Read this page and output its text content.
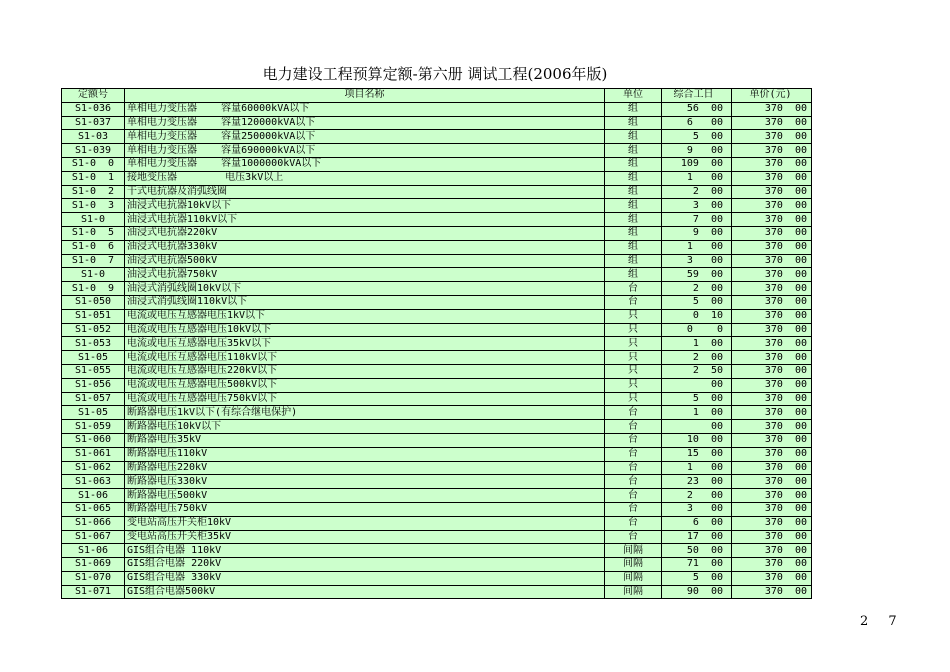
电力建设工程预算定额-第六册 调试工程(2006年版)
定额号	项目名称	单位	综合工日	单价(元)
S1-036	单相电力变压器    容量60000kVA以下	组	56  00	370  00
S1-037	单相电力变压器    容量120000kVA以下	组	6   00	370  00
S1-03	单相电力变压器    容量250000kVA以下	组	5  00	370  00
S1-039	单相电力变压器    容量690000kVA以下	组	9   00	370  00
S1-0  0	单相电力变压器    容量1000000kVA以下	组	109  00	370  00
S1-0  1	接地变压器        电压3kV以上	组	1   00	370  00
S1-0  2	干式电抗器及消弧线圈	组	2  00	370  00
S1-0  3	油浸式电抗器10kV以下	组	3  00	370  00
S1-0	油浸式电抗器110kV以下	组	7  00	370  00
S1-0  5	油浸式电抗器220kV	组	9  00	370  00
S1-0  6	油浸式电抗器330kV	组	1   00	370  00
S1-0  7	油浸式电抗器500kV	组	3   00	370  00
S1-0	油浸式电抗器750kV	组	59  00	370  00
S1-0  9	油浸式消弧线圈10kV以下	台	2  00	370  00
S1-050	油浸式消弧线圈110kV以下	台	5  00	370  00
S1-051	电流或电压互感器电压1kV以下	只	0  10	370  00
S1-052	电流或电压互感器电压10kV以下	只	0    0	370  00
S1-053	电流或电压互感器电压35kV以下	只	1  00	370  00
S1-05	电流或电压互感器电压110kV以下	只	2  00	370  00
S1-055	电流或电压互感器电压220kV以下	只	2  50	370  00
S1-056	电流或电压互感器电压500kV以下	只	00	370  00
S1-057	电流或电压互感器电压750kV以下	只	5  00	370  00
S1-05	断路器电压1kV以下(有综合继电保护)	台	1  00	370  00
S1-059	断路器电压10kV以下	台	00	370  00
S1-060	断路器电压35kV	台	10  00	370  00
S1-061	断路器电压110kV	台	15  00	370  00
S1-062	断路器电压220kV	台	1   00	370  00
S1-063	断路器电压330kV	台	23  00	370  00
S1-06	断路器电压500kV	台	2   00	370  00
S1-065	断路器电压750kV	台	3   00	370  00
S1-066	变电站高压开关柜10kV	台	6  00	370  00
S1-067	变电站高压开关柜35kV	台	17  00	370  00
S1-06	GIS组合电器 110kV	间隔	50  00	370  00
S1-069	GIS组合电器 220kV	间隔	71  00	370  00
S1-070	GIS组合电器 330kV	间隔	5  00	370  00
S1-071	GIS组合电器500kV	间隔	90  00	370  00
2 7
